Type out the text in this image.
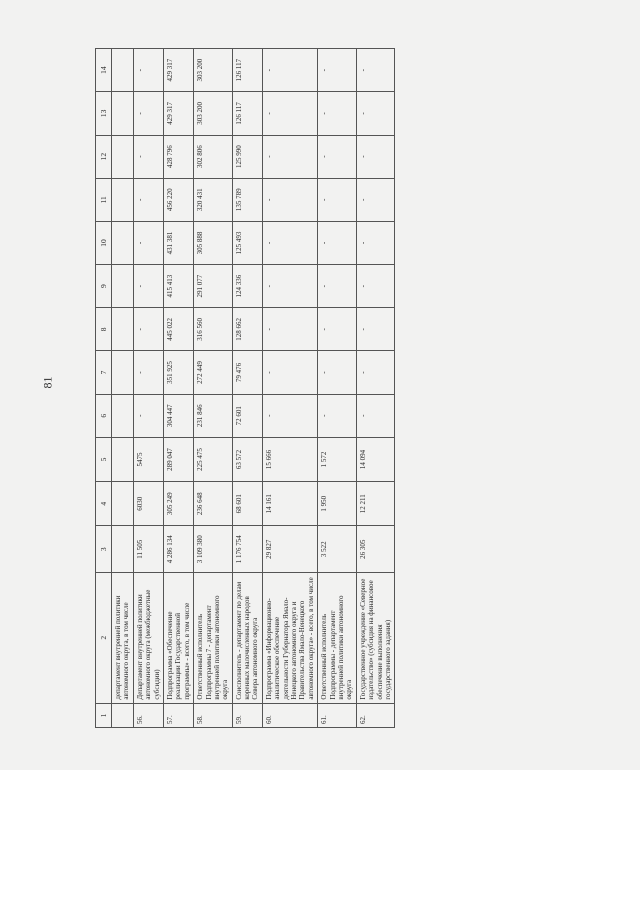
81
1	2	3	4	5	6	7	8	9	10	11	12	13	14
	департамент внутренней политики автономного округа, в том числе												
56.	Департамент внутренней политики автономного округа (межбюджетные субсидии)	11 505	6030	5475	-	-	-	-	-	-	-	-	-
57.	Подпрограмма «Обеспечение реализации Государственной программы» - всего, в том числе	4 286 134	305 249	289 047	304 447	351 925	445 022	415 413	431 381	456 220	428 796	429 317	429 317
58.	Ответственный исполнитель Подпрограммы 7 - департамент внутренней политики автономного округа	3 109 380	236 648	225 475	231 846	272 449	316 560	291 077	305 888	320 431	302 806	303 200	303 200
59.	Соисполнитель - департамент по делам коренных малочисленных народов Севера автономного округа	1 176 754	68 601	63 572	72 601	79 476	128 662	124 336	125 493	135 789	125 990	126 117	126 117
60.	Подпрограмма «Информационно-аналитическое обеспечение деятельности Губернатора Ямало-Ненецкого автономного округа и Правительства Ямало-Ненецкого автономного округа» - всего, в том числе	29 827	14 161	15 666	-	-	-	-	-	-	-	-	-
61.	Ответственный исполнитель Подпрограммы - департамент внутренней политики автономного округа	3 522	1 950	1 572	-	-	-	-	-	-	-	-	-
62.	Государственное учреждение «Северное издательство» (субсидия на финансовое обеспечение выполнения государственного задания)	26 305	12 211	14 094	-	-	-	-	-	-	-	-	-
